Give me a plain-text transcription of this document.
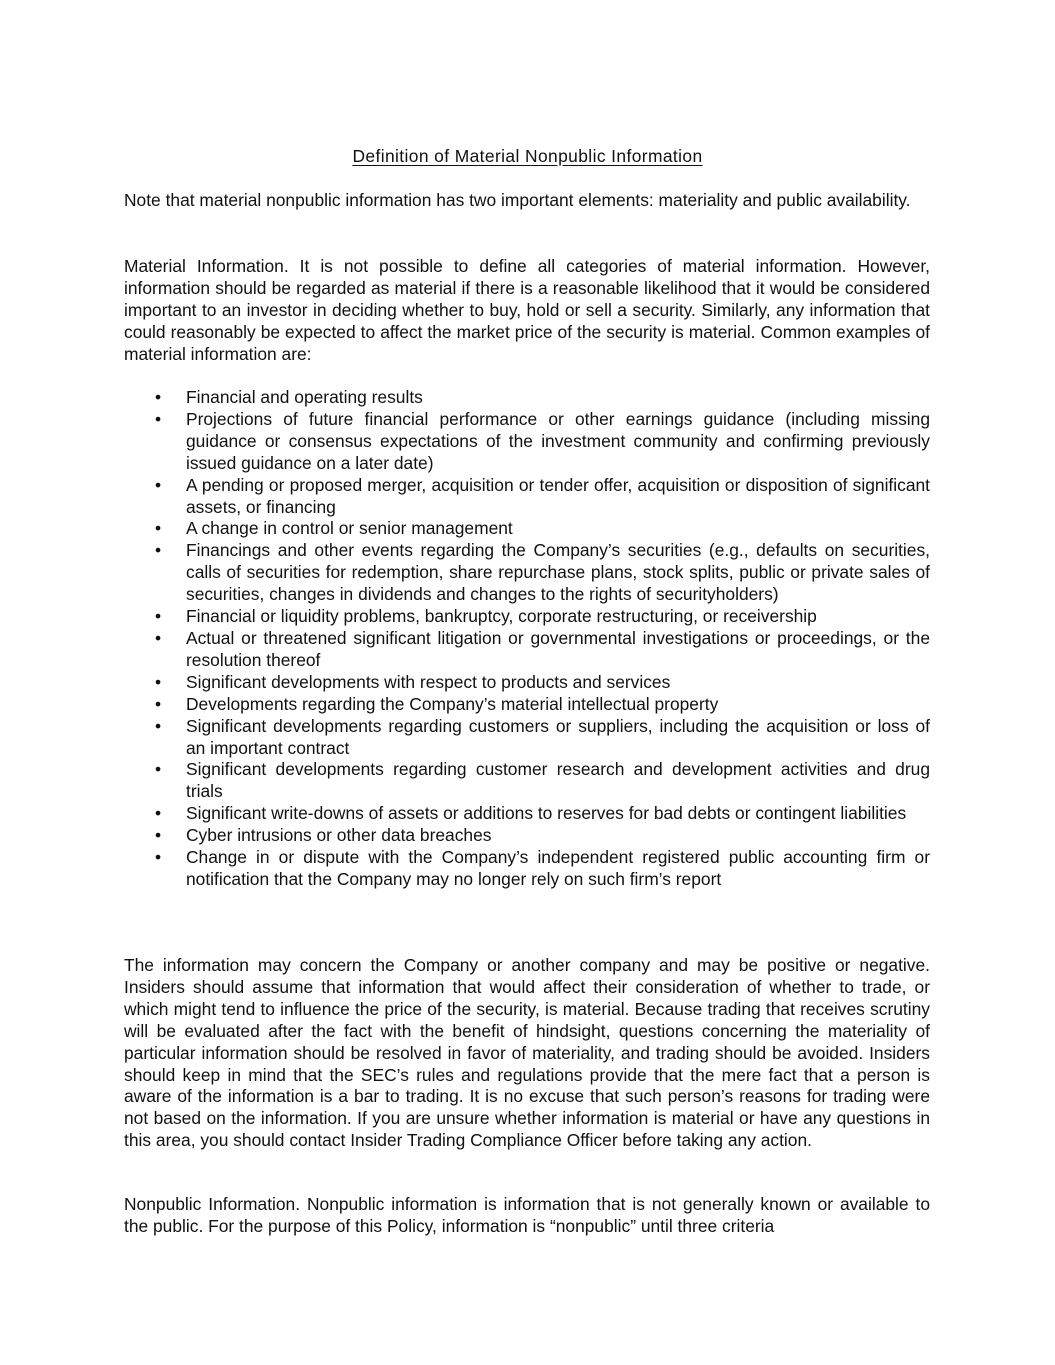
Definition of Material Nonpublic Information

Note that material nonpublic information has two important elements: materiality and public availability.

Material Information. It is not possible to define all categories of material information. However, information should be regarded as material if there is a reasonable likelihood that it would be considered important to an investor in deciding whether to buy, hold or sell a security. Similarly, any information that could reasonably be expected to affect the market price of the security is material. Common examples of material information are:

•	Financial and operating results
•	Projections of future financial performance or other earnings guidance (including missing guidance or consensus expectations of the investment community and confirming previously issued guidance on a later date)
•	A pending or proposed merger, acquisition or tender offer, acquisition or disposition of significant assets, or financing
•	A change in control or senior management
•	Financings and other events regarding the Company’s securities (e.g., defaults on securities, calls of securities for redemption, share repurchase plans, stock splits, public or private sales of securities, changes in dividends and changes to the rights of securityholders)
•	Financial or liquidity problems, bankruptcy, corporate restructuring, or receivership
•	Actual or threatened significant litigation or governmental investigations or proceedings, or the resolution thereof
•	Significant developments with respect to products and services
•	Developments regarding the Company’s material intellectual property
•	Significant developments regarding customers or suppliers, including the acquisition or loss of an important contract
•	Significant developments regarding customer research and development activities and drug trials
•	Significant write-downs of assets or additions to reserves for bad debts or contingent liabilities
•	Cyber intrusions or other data breaches
•	Change in or dispute with the Company’s independent registered public accounting firm or notification that the Company may no longer rely on such firm’s report

The information may concern the Company or another company and may be positive or negative. Insiders should assume that information that would affect their consideration of whether to trade, or which might tend to influence the price of the security, is material. Because trading that receives scrutiny will be evaluated after the fact with the benefit of hindsight, questions concerning the materiality of particular information should be resolved in favor of materiality, and trading should be avoided. Insiders should keep in mind that the SEC’s rules and regulations provide that the mere fact that a person is aware of the information is a bar to trading. It is no excuse that such person’s reasons for trading were not based on the information. If you are unsure whether information is material or have any questions in this area, you should contact Insider Trading Compliance Officer before taking any action.

Nonpublic Information. Nonpublic information is information that is not generally known or available to the public. For the purpose of this Policy, information is “nonpublic” until three criteria
